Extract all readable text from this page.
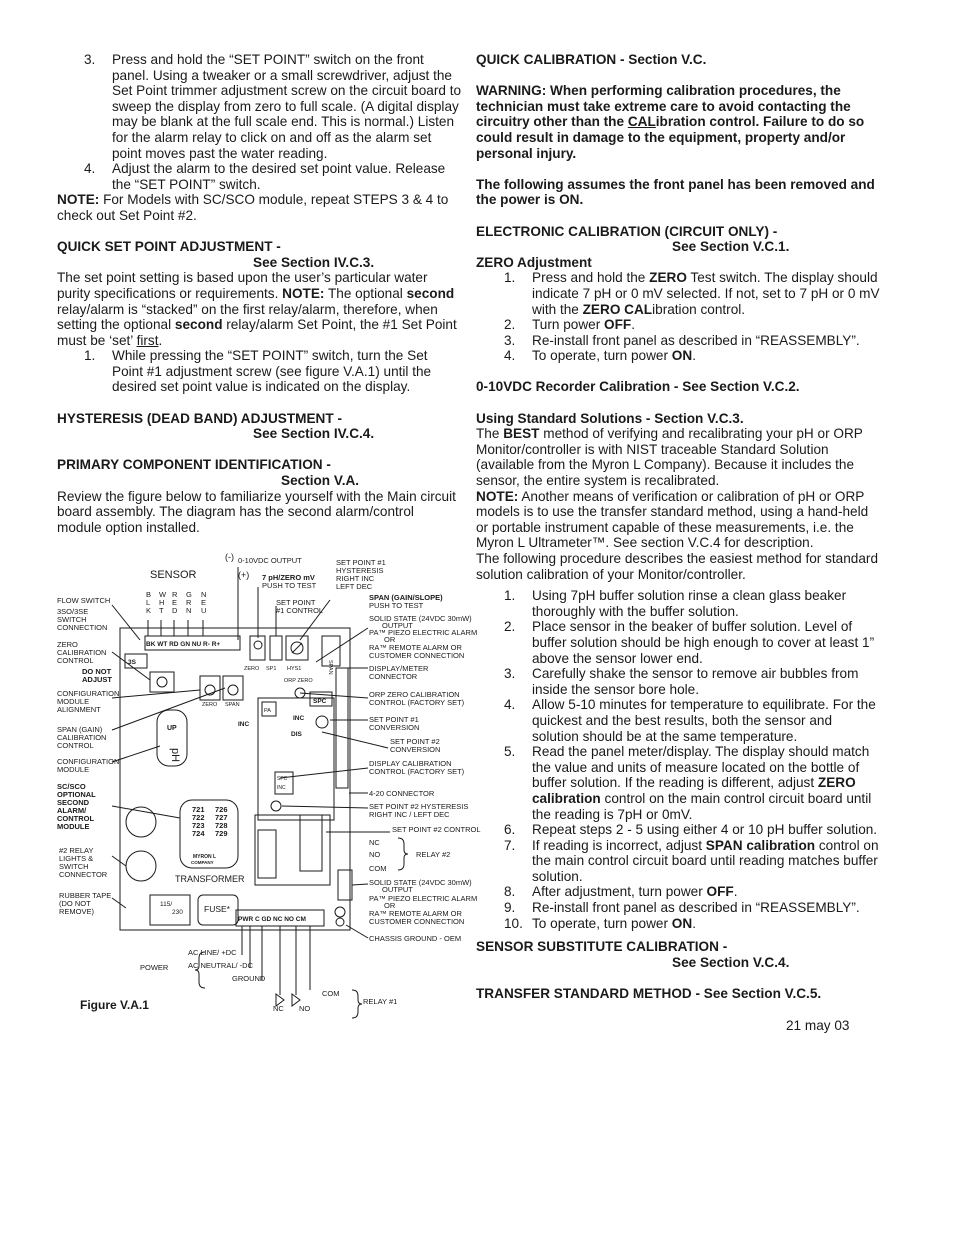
3. Press and hold the “SET POINT” switch on the front panel. Using a tweaker or a small screwdriver, adjust the Set Point trimmer adjustment screw on the circuit board to sweep the display from zero to full scale. (A digital display may be blank at the full scale end. This is normal.) Listen for the alarm relay to click on and off as the alarm set point moves past the water reading.

4. Adjust the alarm to the desired set point value. Release the “SET POINT” switch.

NOTE: For Models with SC/SCO module, repeat STEPS 3 & 4 to check out Set Point #2.

QUICK SET POINT ADJUSTMENT -

See Section IV.C.3.

The set point setting is based upon the user’s particular water purity specifications or requirements. NOTE: The optional second relay/alarm is “stacked” on the first relay/alarm, therefore, when setting the optional second relay/alarm Set Point, the #1 Set Point must be ‘set’ first.

1. While pressing the “SET POINT” switch, turn the Set Point #1 adjustment screw (see figure V.A.1) until the desired set point value is indicated on the display.

HYSTERESIS (DEAD BAND) ADJUSTMENT -

See Section IV.C.4.

PRIMARY COMPONENT IDENTIFICATION -

Section V.A.

Review the figure below to familiarize yourself with the Main circuit board assembly. The diagram has the second alarm/control module option installed.

QUICK CALIBRATION - Section V.C.

WARNING: When performing calibration procedures, the technician must take extreme care to avoid contacting the circuitry other than the CALibration control. Failure to do so could result in damage to the equipment, property and/or personal injury.

The following assumes the front panel has been removed and the power is ON.

ELECTRONIC CALIBRATION (CIRCUIT ONLY) -

See Section V.C.1.

ZERO Adjustment

1. Press and hold the ZERO Test switch. The display should indicate 7 pH or 0 mV selected. If not, set to 7 pH or 0 mV with the ZERO CALibration control.

2. Turn power OFF.

3. Re-install front panel as described in “REASSEMBLY”.

4. To operate, turn power ON.

0-10VDC Recorder Calibration - See Section V.C.2.

Using Standard Solutions - Section V.C.3.

The BEST method of verifying and recalibrating your pH or ORP Monitor/controller is with NIST traceable Standard Solution (available from the Myron L Company). Because it includes the sensor, the entire system is recalibrated.

NOTE: Another means of verification or calibration of pH or ORP models is to use the transfer standard method, using a hand-held or portable instrument capable of these measurements, i.e. the Myron L Ultrameter™. See section V.C.4 for description.

The following procedure describes the easiest method for standard solution calibration of your Monitor/controller.

1. Using 7pH buffer solution rinse a clean glass beaker thoroughly with the buffer solution.

2. Place sensor in the beaker of buffer solution. Level of buffer solution should be high enough to cover at least 1” above the sensor lower end.

3. Carefully shake the sensor to remove air bubbles from inside the sensor bore hole.

4. Allow 5-10 minutes for temperature to equilibrate. For the quickest and the best results, both the sensor and solution should be at the same temperature.

5. Read the panel meter/display. The display should match the value and units of measure located on the bottle of buffer solution. If the reading is different, adjust ZERO calibration control on the main control circuit board until the reading is 7pH or 0mV.

6. Repeat steps 2 - 5 using either 4 or 10 pH buffer solution.

7. If reading is incorrect, adjust SPAN calibration control on the main control circuit board until reading matches buffer solution.

8. After adjustment, turn power OFF.

9. Re-install front panel as described in “REASSEMBLY”.

10. To operate, turn power ON.

SENSOR SUBSTITUTE CALIBRATION -

See Section V.C.4.

TRANSFER STANDARD METHOD - See Section V.C.5.

SENSOR
(-) 0-10VDC OUTPUT
(+) 7 pH/ZERO mV
PUSH TO TEST
SET POINT #1
HYSTERESIS
RIGHT INC
LEFT DEC
SET POINT
#1 CONTROL
SPAN (GAIN/SLOPE)
PUSH TO TEST
SOLID STATE (24VDC 30mW)
OUTPUT
PA™ PIEZO ELECTRIC ALARM
OR
RA™ REMOTE ALARM OR
CUSTOMER CONNECTION
DISPLAY/METER
CONNECTOR
ORP ZERO CALIBRATION
CONTROL (FACTORY SET)
SET POINT #1
CONVERSION
SET POINT #2
CONVERSION
DISPLAY CALIBRATION
CONTROL (FACTORY SET)
4-20 CONNECTOR
SET POINT #2 HYSTERESIS
RIGHT INC / LEFT DEC
SET POINT #2 CONTROL
NC
NO	RELAY #2
COM
SOLID STATE (24VDC 30mW)
OUTPUT
PA™ PIEZO ELECTRIC ALARM
OR
RA™ REMOTE ALARM OR
CUSTOMER CONNECTION
CHASSIS GROUND - OEM
FLOW SWITCH
3SO/3SE
SWITCH
CONNECTION
ZERO
CALIBRATION
CONTROL
DO NOT
ADJUST
CONFIGURATION
MODULE
ALIGNMENT
SPAN (GAIN)
CALIBRATION
CONTROL
CONFIGURATION
MODULE
SC/SCO
OPTIONAL
SECOND
ALARM/
CONTROL
MODULE
#2 RELAY
LIGHTS &
SWITCH
CONNECTOR
RUBBER TAPE
(DO NOT
REMOVE)
BK WT RD GN NU R- R+
3S
ZERO SP1 HYS1	SPAN
ORP ZERO
ZERO SPAN
INC
PA
SPC
INC
DIS
SPC
INC
UP
pH
721
722
723
724
726
727
728
729
MYRON L
COMPANY
TRANSFORMER
115/
230 FUSE*
PWR C GD NC NO CM
AC LINE/ +DC
AC NEUTRAL/ -DC
POWER
GROUND
NC NO
COM
RELAY #1
Figure V.A.1
B
L
K
W
H
T
R
E
D
G
R
N
N
E
U
21 may 03
